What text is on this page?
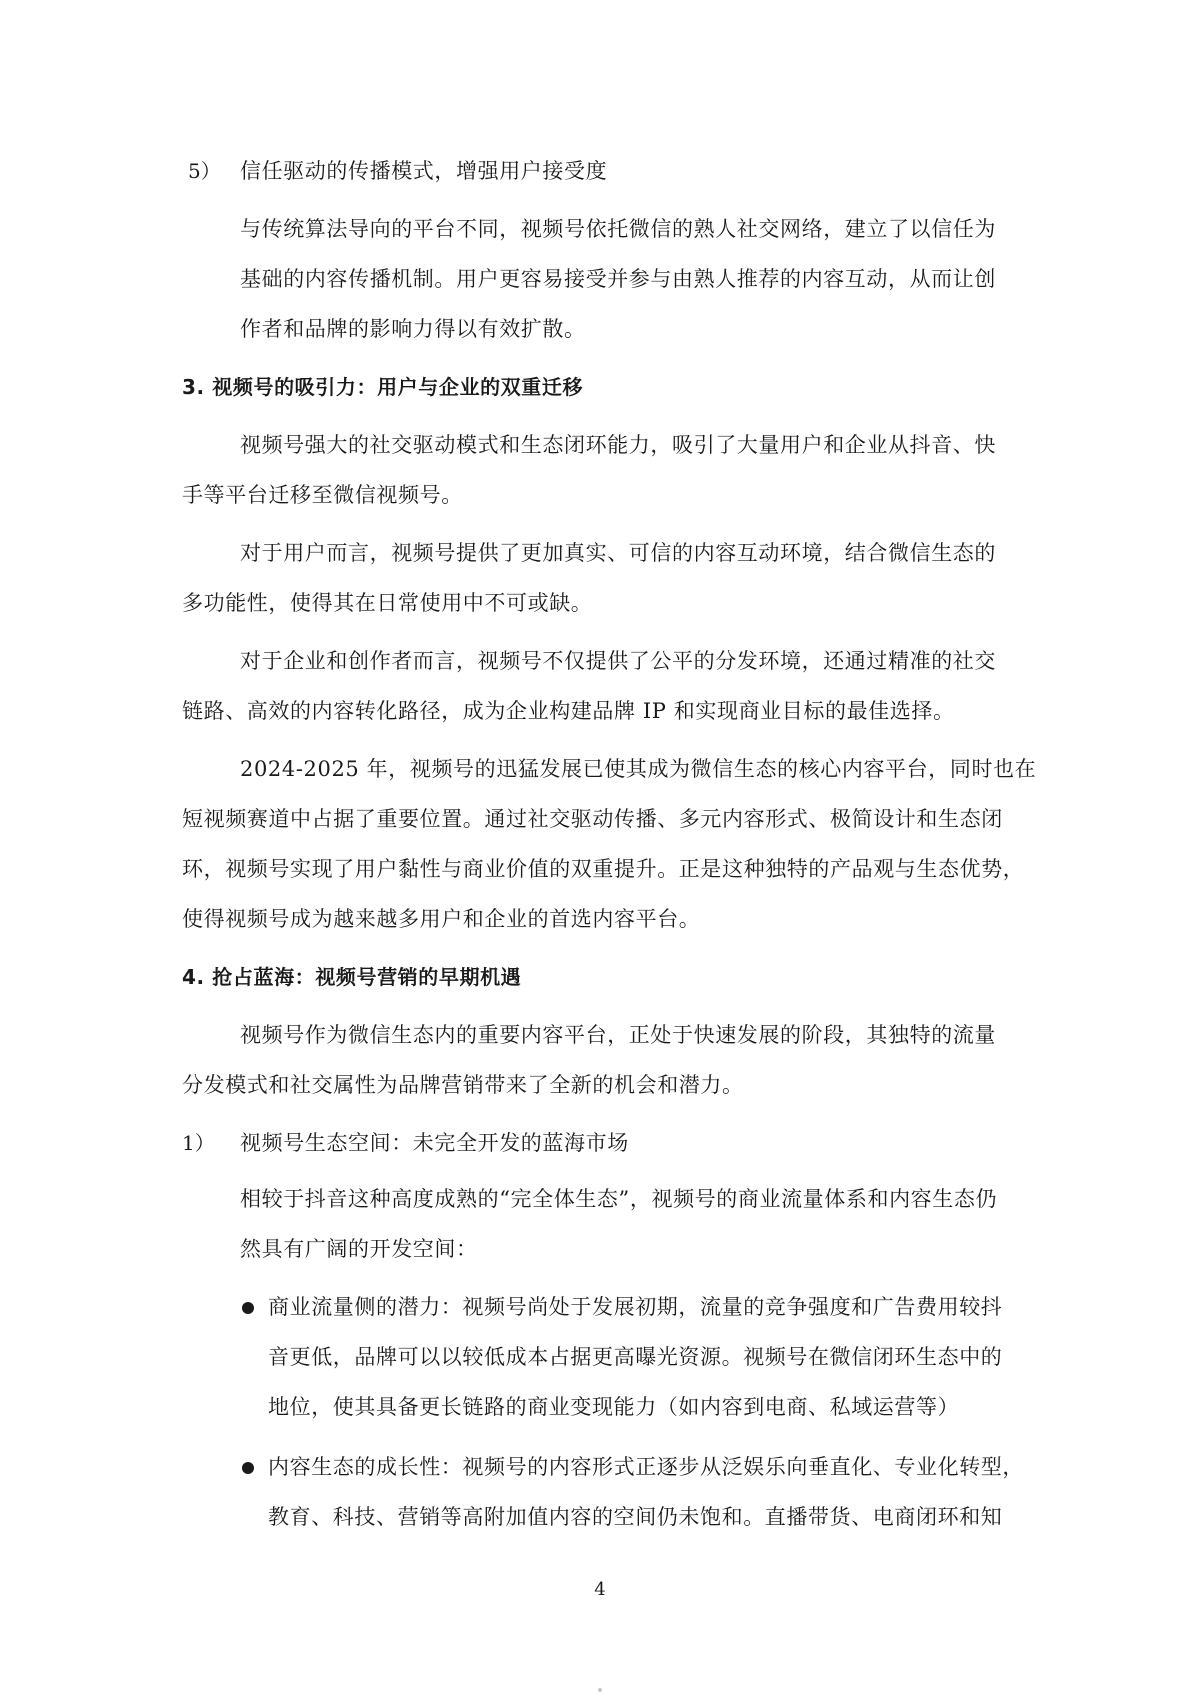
5） 信任驱动的传播模式，增强用户接受度
与传统算法导向的平台不同，视频号依托微信的熟人社交网络，建立了以信任为
基础的内容传播机制。用户更容易接受并参与由熟人推荐的内容互动，从而让创
作者和品牌的影响力得以有效扩散。
3. 视频号的吸引力：用户与企业的双重迁移
视频号强大的社交驱动模式和生态闭环能力，吸引了大量用户和企业从抖音、快
手等平台迁移至微信视频号。
对于用户而言，视频号提供了更加真实、可信的内容互动环境，结合微信生态的
多功能性，使得其在日常使用中不可或缺。
对于企业和创作者而言，视频号不仅提供了公平的分发环境，还通过精准的社交
链路、高效的内容转化路径，成为企业构建品牌 IP 和实现商业目标的最佳选择。
2024-2025 年，视频号的迅猛发展已使其成为微信生态的核心内容平台，同时也在
短视频赛道中占据了重要位置。通过社交驱动传播、多元内容形式、极简设计和生态闭
环，视频号实现了用户黏性与商业价值的双重提升。正是这种独特的产品观与生态优势，
使得视频号成为越来越多用户和企业的首选内容平台。
4. 抢占蓝海：视频号营销的早期机遇
视频号作为微信生态内的重要内容平台，正处于快速发展的阶段，其独特的流量
分发模式和社交属性为品牌营销带来了全新的机会和潜力。
1） 视频号生态空间：未完全开发的蓝海市场
相较于抖音这种高度成熟的“完全体生态”，视频号的商业流量体系和内容生态仍
然具有广阔的开发空间：
商业流量侧的潜力：视频号尚处于发展初期，流量的竞争强度和广告费用较抖
音更低，品牌可以以较低成本占据更高曝光资源。视频号在微信闭环生态中的
地位，使其具备更长链路的商业变现能力（如内容到电商、私域运营等）
内容生态的成长性：视频号的内容形式正逐步从泛娱乐向垂直化、专业化转型，
教育、科技、营销等高附加值内容的空间仍未饱和。直播带货、电商闭环和知
4
